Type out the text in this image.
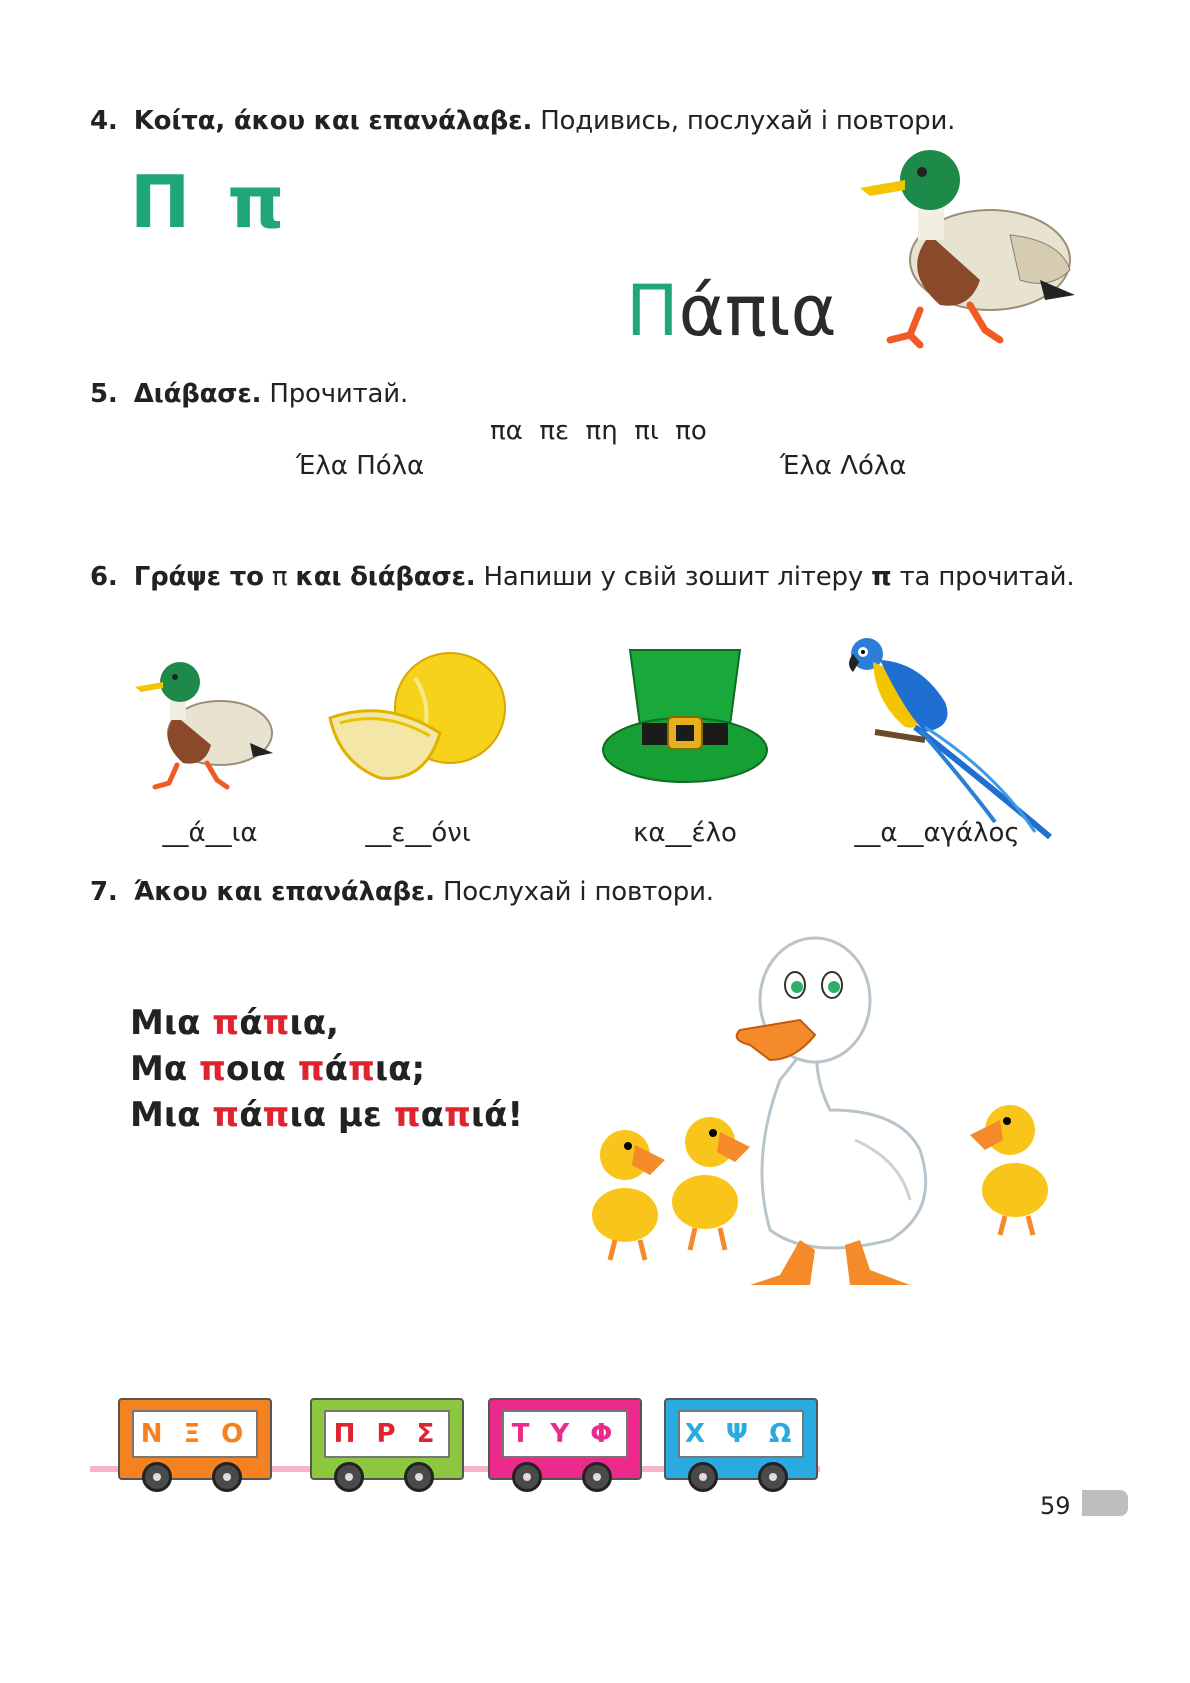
4. Κοίτα, άκου και επανάλαβε. Подивись, послухай і повтори.
Π π
Πάπια
5. Διάβασε. Прочитай.
πα  πε  πη  πι  πο
Έλα Πόλα	Έλα Λόλα
6. Γράψε το π και διάβασε. Напиши у свій зошит літеру π та прочитай.
__ά__ια	__ε__όνι	κα__έλο	__α__αγάλος
7. Άκου και επανάλαβε. Послухай і повтори.
Μια πάπια,
Μα ποια πάπια;
Μια πάπια με παπιά!
Ν Ξ Ο	Π Ρ Σ	Τ Υ Φ	Χ Ψ Ω
59
